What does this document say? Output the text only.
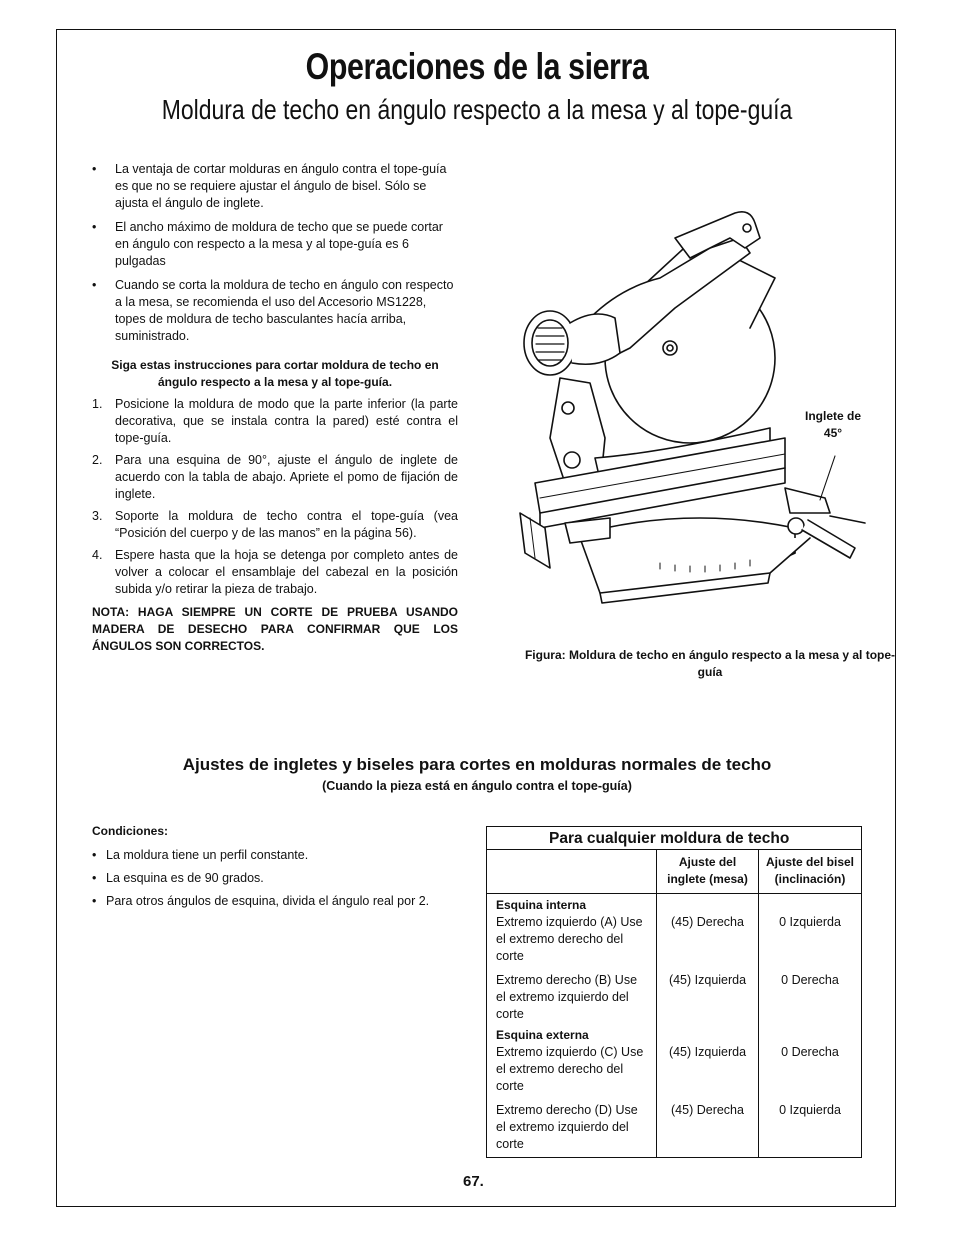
Operaciones de la sierra
Moldura de techo en ángulo respecto a la mesa y al tope-guía
• La ventaja de cortar molduras en ángulo contra el tope-guía es que no se requiere ajustar el ángulo de bisel. Sólo se ajusta el ángulo de inglete.
• El ancho máximo de moldura de techo que se puede cortar en ángulo con respecto a la mesa y al tope-guía es 6 pulgadas
• Cuando se corta la moldura de techo en ángulo con respecto a la mesa, se recomienda el uso del Accesorio MS1228, topes de moldura de techo basculantes hacía arriba, suministrado.
Siga estas instrucciones para cortar moldura de techo en ángulo respecto a la mesa y al tope-guía.
1. Posicione la moldura de modo que la parte inferior (la parte decorativa, que se instala contra la pared) esté contra el tope-guía.
2. Para una esquina de 90°, ajuste el ángulo de inglete de acuerdo con la tabla de abajo. Apriete el pomo de fijación de inglete.
3. Soporte la moldura de techo contra el tope-guía (vea “Posición del cuerpo y de las manos” en la página 56).
4. Espere hasta que la hoja se detenga por completo antes de volver a colocar el ensamblaje del cabezal en la posición subida y/o retirar la pieza de trabajo.
NOTA: HAGA SIEMPRE UN CORTE DE PRUEBA USANDO MADERA DE DESECHO PARA CONFIRMAR QUE LOS ÁNGULOS SON CORRECTOS.
Inglete de 45°
Figura: Moldura de techo en ángulo respecto a la mesa y al tope-guía
Ajustes de ingletes y biseles para cortes en molduras normales de techo
(Cuando la pieza está en ángulo contra el tope-guía)
Condiciones:
• La moldura tiene un perfil constante.
• La esquina es de 90 grados.
• Para otros ángulos de esquina, divida el ángulo real por 2.
Para cualquier moldura de techo		
	Ajuste del inglete (mesa)	Ajuste del bisel (inclinación)
Esquina interna		
Extremo izquierdo (A) Use el extremo derecho del corte	(45) Derecha	0 Izquierda
Extremo derecho (B) Use el extremo izquierdo del corte	(45) Izquierda	0 Derecha
Esquina externa		
Extremo izquierdo (C) Use el extremo derecho del corte	(45) Izquierda	0 Derecha
Extremo derecho (D) Use el extremo izquierdo del corte	(45) Derecha	0 Izquierda
67.
